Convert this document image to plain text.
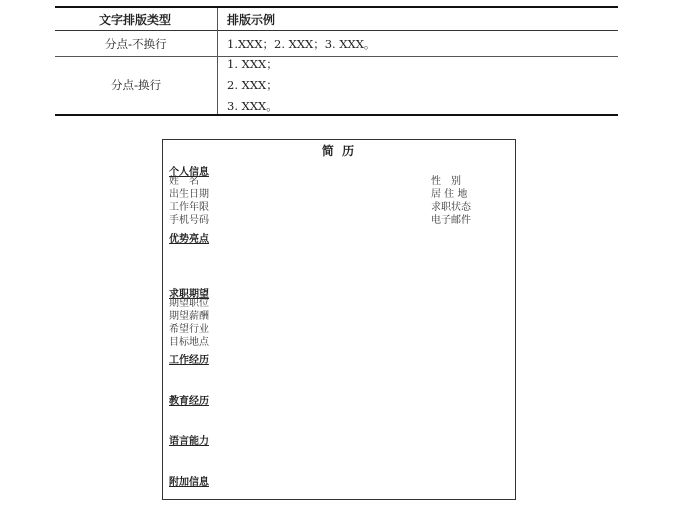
文字排版类型	排版示例
分点-不换行	1.XXX；2. XXX；3. XXX。
分点-换行
1. XXX；
2. XXX；
3. XXX。
简 历
个人信息
姓　名
出生日期
工作年限
手机号码
性　别
居 住 地
求职状态
电子邮件
优势亮点
求职期望
期望职位
期望薪酬
希望行业
目标地点
工作经历
教育经历
语言能力
附加信息
